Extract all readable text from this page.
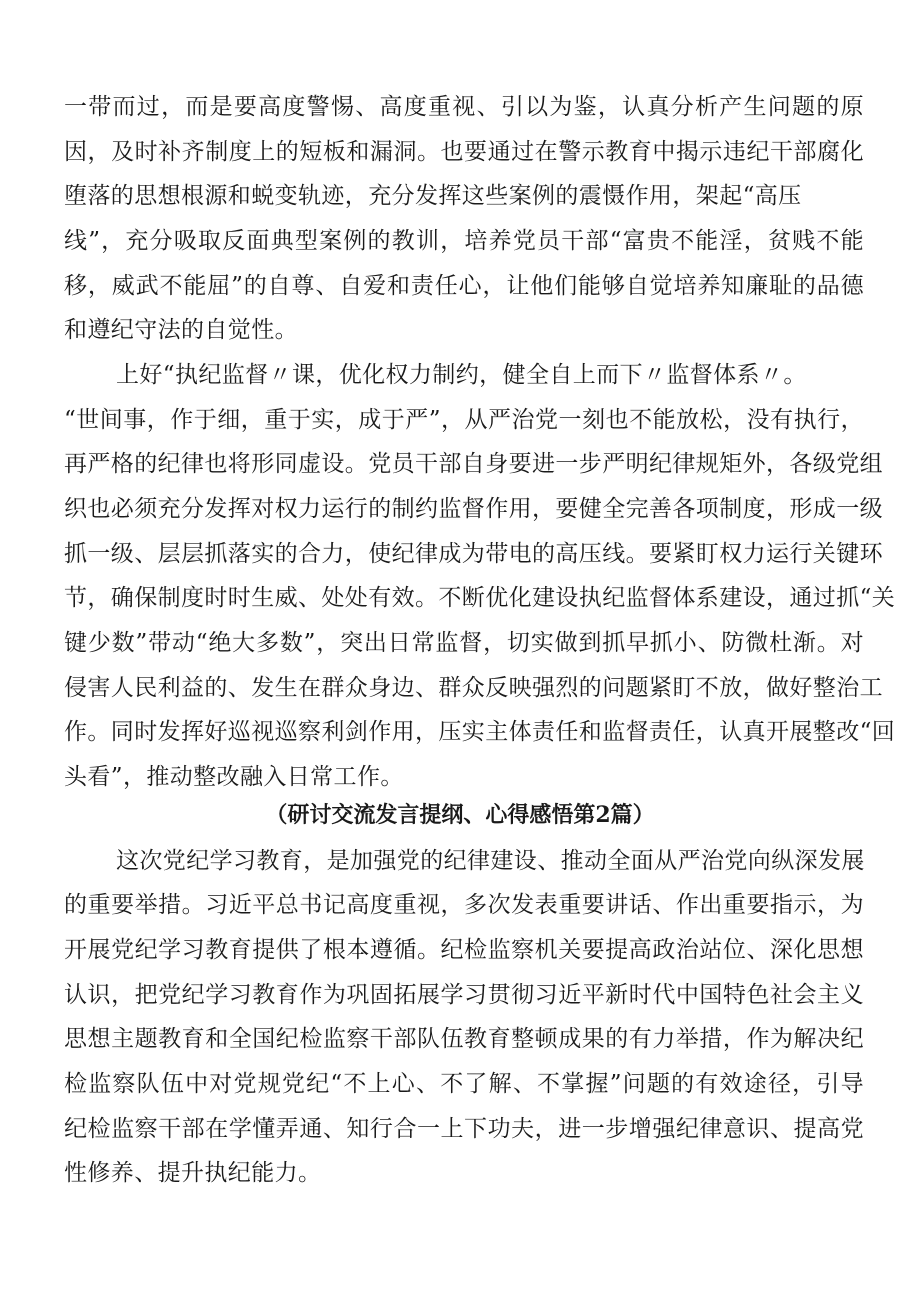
一带而过，而是要高度警惕、高度重视、引以为鉴，认真分析产生问题的原
因，及时补齐制度上的短板和漏洞。也要通过在警示教育中揭示违纪干部腐化
堕落的思想根源和蜕变轨迹，充分发挥这些案例的震慑作用，架起“高压
线”，充分吸取反面典型案例的教训，培养党员干部“富贵不能淫，贫贱不能
移，威武不能屈”的自尊、自爱和责任心，让他们能够自觉培养知廉耻的品德
和遵纪守法的自觉性。
上好“执纪监督〃课，优化权力制约，健全自上而下〃监督体系〃。
“世间事，作于细，重于实，成于严”，从严治党一刻也不能放松，没有执行，
再严格的纪律也将形同虚设。党员干部自身要进一步严明纪律规矩外，各级党组
织也必须充分发挥对权力运行的制约监督作用，要健全完善各项制度，形成一级
抓一级、层层抓落实的合力，使纪律成为带电的高压线。要紧盯权力运行关键环
节，确保制度时时生威、处处有效。不断优化建设执纪监督体系建设，通过抓“关
键少数”带动“绝大多数”，突出日常监督，切实做到抓早抓小、防微杜渐。对
侵害人民利益的、发生在群众身边、群众反映强烈的问题紧盯不放，做好整治工
作。同时发挥好巡视巡察利剑作用，压实主体责任和监督责任，认真开展整改“回
头看”，推动整改融入日常工作。
（研讨交流发言提纲、心得感悟第2篇）
这次党纪学习教育，是加强党的纪律建设、推动全面从严治党向纵深发展
的重要举措。习近平总书记高度重视，多次发表重要讲话、作出重要指示，为
开展党纪学习教育提供了根本遵循。纪检监察机关要提高政治站位、深化思想
认识，把党纪学习教育作为巩固拓展学习贯彻习近平新时代中国特色社会主义
思想主题教育和全国纪检监察干部队伍教育整顿成果的有力举措，作为解决纪
检监察队伍中对党规党纪“不上心、不了解、不掌握”问题的有效途径，引导
纪检监察干部在学懂弄通、知行合一上下功夫，进一步增强纪律意识、提高党
性修养、提升执纪能力。
